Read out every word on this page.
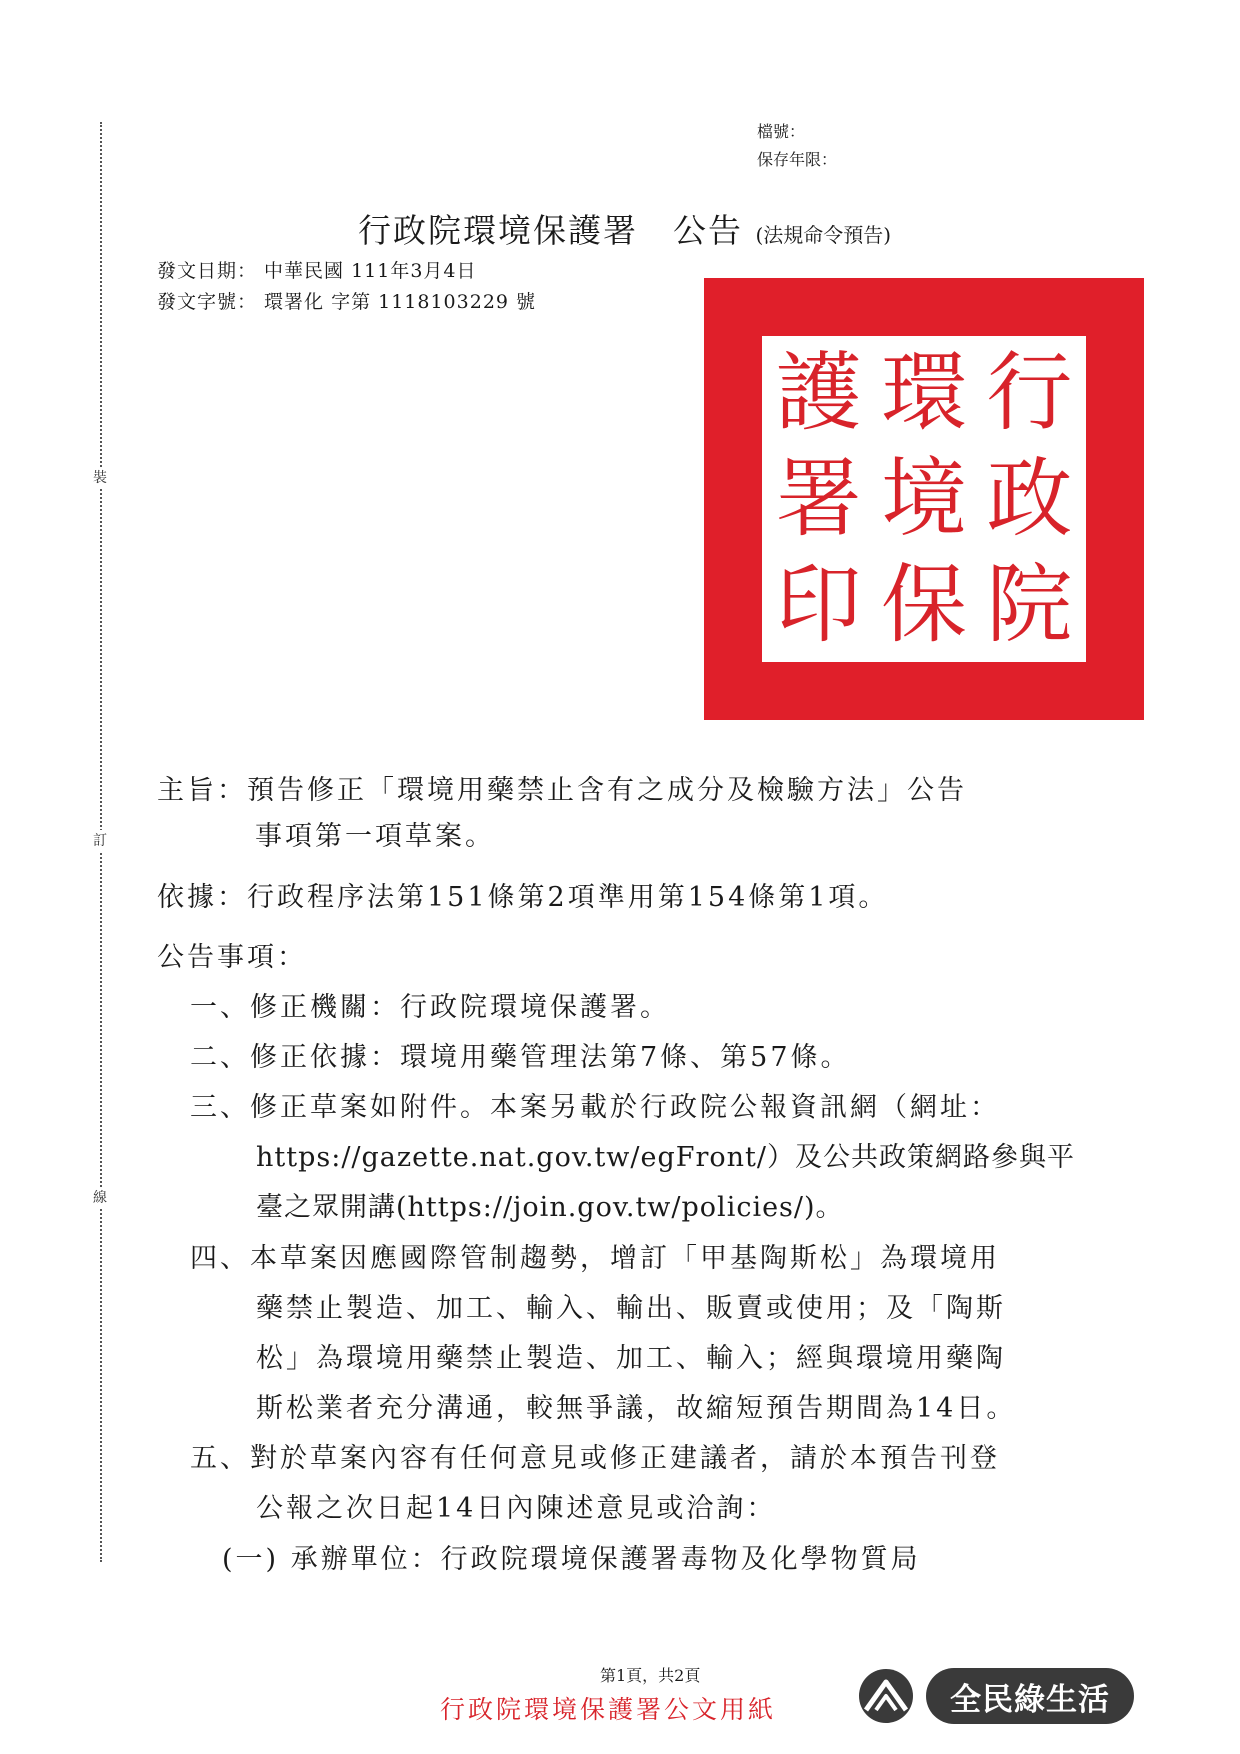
裝
訂
線
檔號：
保存年限：
行政院環境保護署　公告 (法規命令預告)
發文日期： 中華民國 111年3月4日
發文字號： 環署化 字第 1118103229 號
行
環
護
政
境
署
院
保
印
主旨：預告修正「環境用藥禁止含有之成分及檢驗方法」公告
事項第一項草案。
依據：行政程序法第151條第2項準用第154條第1項。
公告事項：
一、修正機關：行政院環境保護署。
二、修正依據：環境用藥管理法第7條、第57條。
三、修正草案如附件。本案另載於行政院公報資訊網（網址：
https://gazette.nat.gov.tw/egFront/）及公共政策網路參與平
臺之眾開講(https://join.gov.tw/policies/)。
四、本草案因應國際管制趨勢，增訂「甲基陶斯松」為環境用
藥禁止製造、加工、輸入、輸出、販賣或使用；及「陶斯
松」為環境用藥禁止製造、加工、輸入；經與環境用藥陶
斯松業者充分溝通，較無爭議，故縮短預告期間為14日。
五、對於草案內容有任何意見或修正建議者，請於本預告刊登
公報之次日起14日內陳述意見或洽詢：
(一) 承辦單位：行政院環境保護署毒物及化學物質局
第1頁，共2頁
行政院環境保護署公文用紙	全民綠生活
